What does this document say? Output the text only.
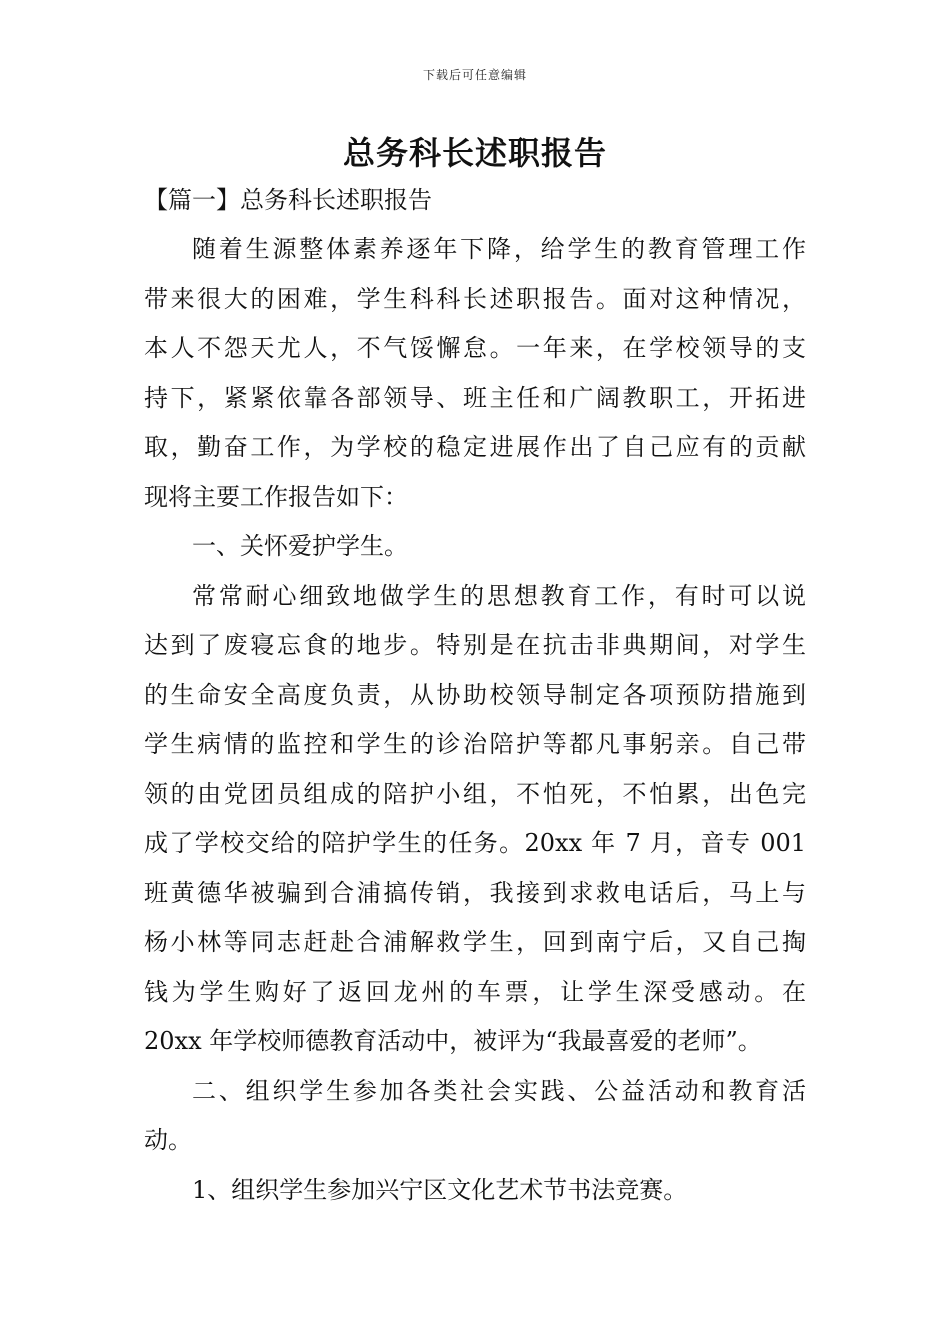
下载后可任意编辑
总务科长述职报告
【篇一】总务科长述职报告

随着生源整体素养逐年下降，给学生的教育管理工作
带来很大的困难，学生科科长述职报告。面对这种情况，
本人不怨天尤人，不气馁懈怠。一年来，在学校领导的支
持下，紧紧依靠各部领导、班主任和广阔教职工，开拓进
取，勤奋工作，为学校的稳定进展作出了自己应有的贡献
现将主要工作报告如下：

一、关怀爱护学生。

常常耐心细致地做学生的思想教育工作，有时可以说
达到了废寝忘食的地步。特别是在抗击非典期间，对学生
的生命安全高度负责，从协助校领导制定各项预防措施到
学生病情的监控和学生的诊治陪护等都凡事躬亲。自己带
领的由党团员组成的陪护小组，不怕死，不怕累，出色完
成了学校交给的陪护学生的任务。20xx 年 7 月，音专 001
班黄德华被骗到合浦搞传销，我接到求救电话后，马上与
杨小林等同志赶赴合浦解救学生，回到南宁后，又自己掏
钱为学生购好了返回龙州的车票，让学生深受感动。在
20xx 年学校师德教育活动中，被评为“我最喜爱的老师”。

二、组织学生参加各类社会实践、公益活动和教育活
动。

1、组织学生参加兴宁区文化艺术节书法竞赛。
